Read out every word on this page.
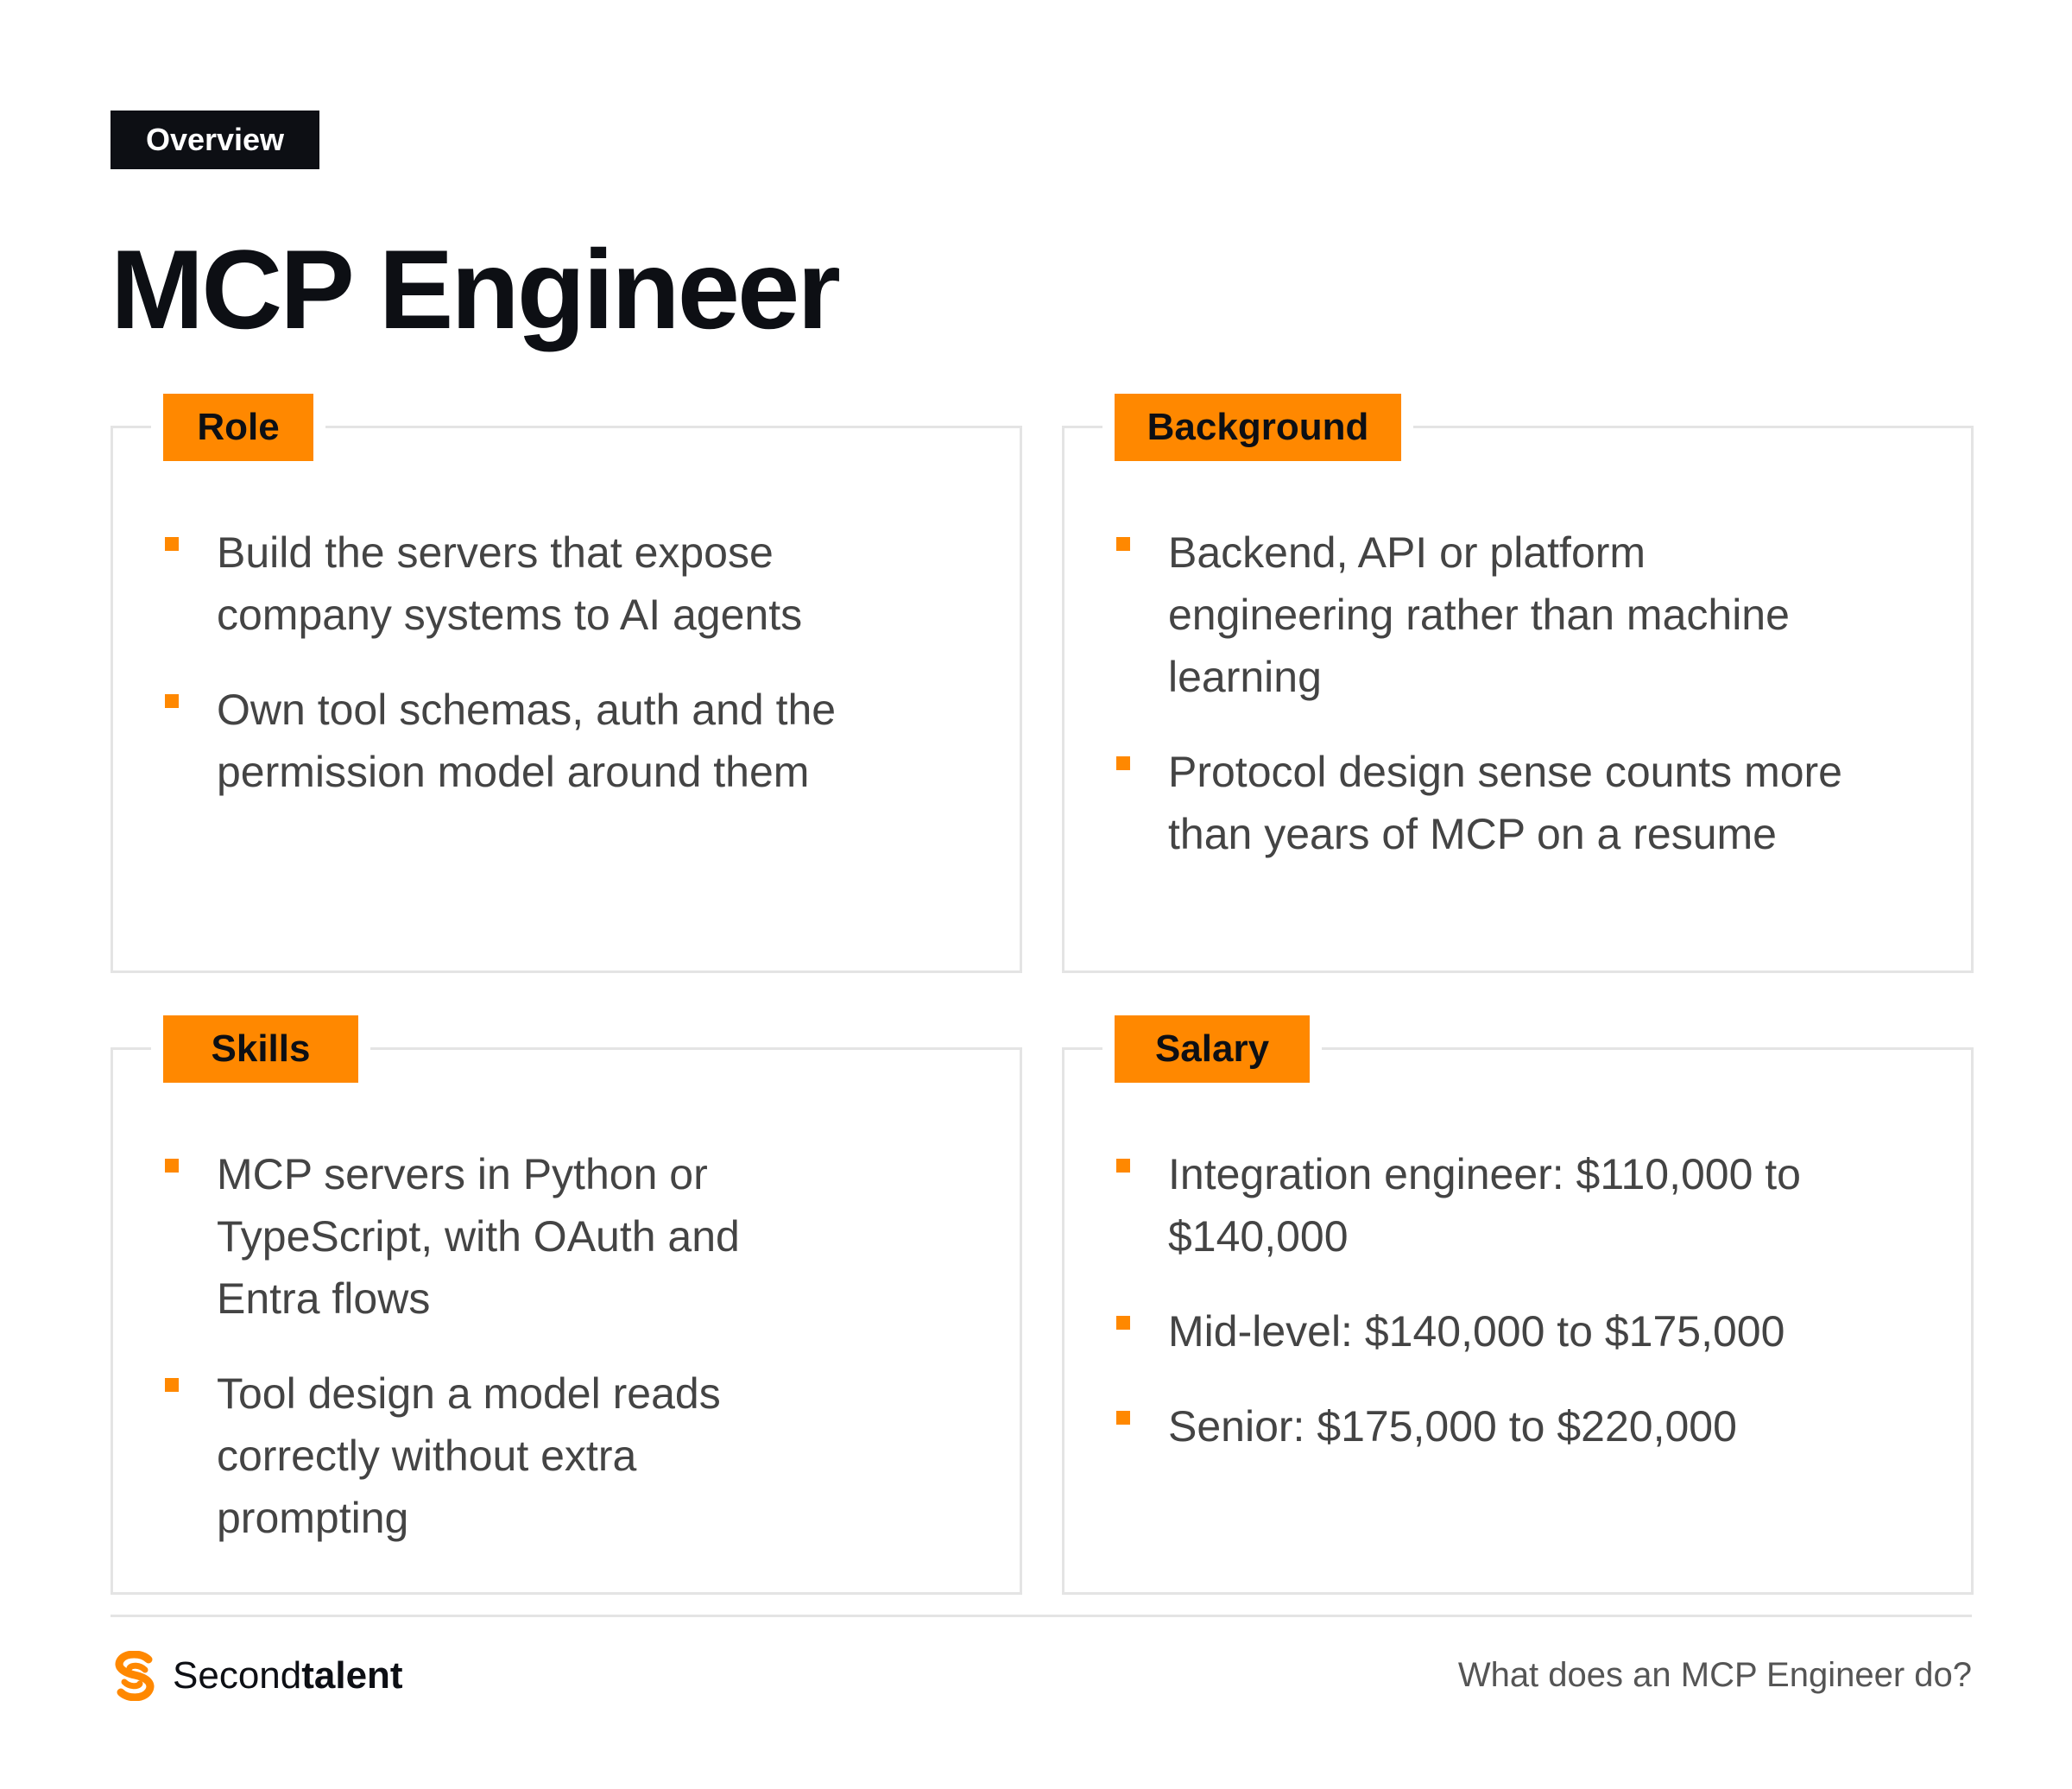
Overview
MCP Engineer
Role
Build the servers that expose company systems to AI agents
Own tool schemas, auth and the permission model around them
Background
Backend, API or platform engineering rather than machine learning
Protocol design sense counts more than years of MCP on a resume
Skills
MCP servers in Python or TypeScript, with OAuth and Entra flows
Tool design a model reads correctly without extra prompting
Salary
Integration engineer: $110,000 to $140,000
Mid-level: $140,000 to $175,000
Senior: $175,000 to $220,000
Secondtalent	What does an MCP Engineer do?
